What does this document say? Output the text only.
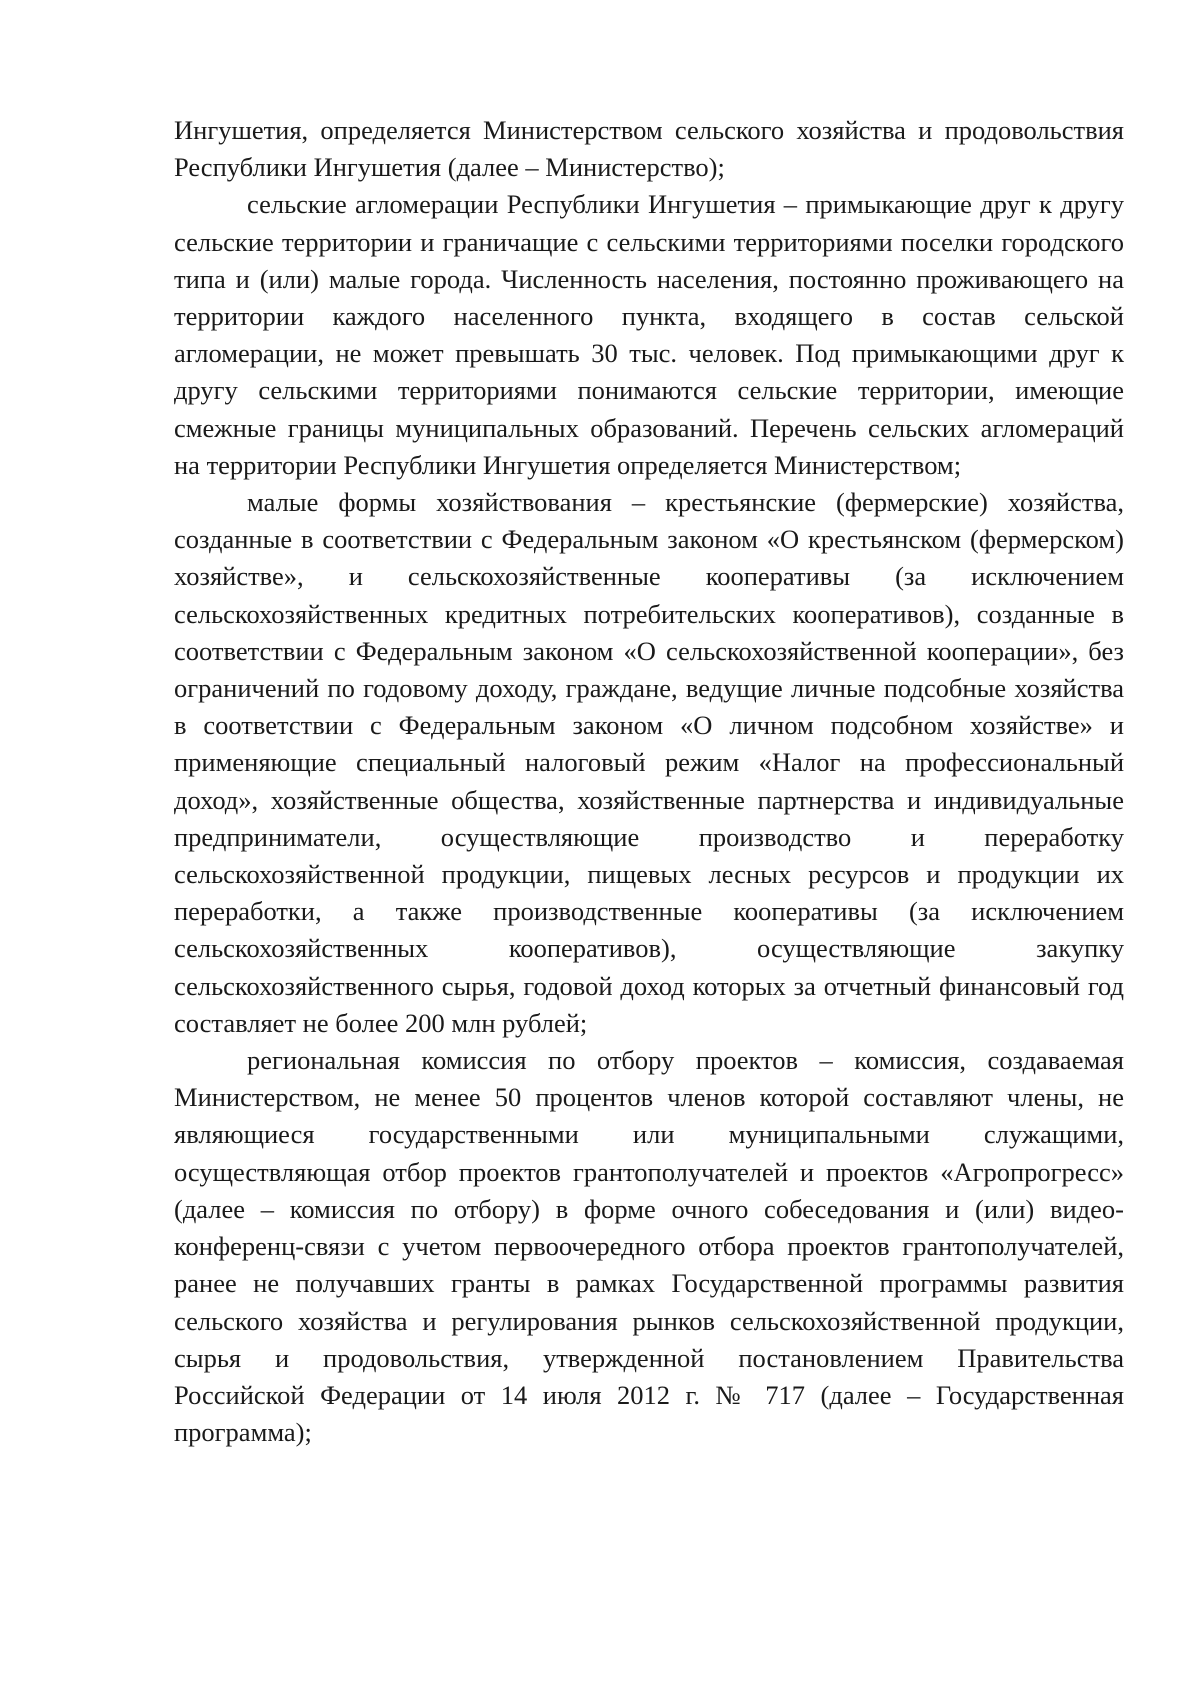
Ингушетия, определяется Министерством сельского хозяйства и продовольствия Республики Ингушетия (далее – Министерство);

сельские агломерации Республики Ингушетия – примыкающие друг к другу сельские территории и граничащие с сельскими территориями поселки городского типа и (или) малые города. Численность населения, постоянно проживающего на территории каждого населенного пункта, входящего в состав сельской агломерации, не может превышать 30 тыс. человек. Под примыкающими друг к другу сельскими территориями понимаются сельские территории, имеющие смежные границы муниципальных образований. Перечень сельских агломераций на территории Республики Ингушетия определяется Министерством;

малые формы хозяйствования – крестьянские (фермерские) хозяйства, созданные в соответствии с Федеральным законом «О крестьянском (фермерском) хозяйстве», и сельскохозяйственные кооперативы (за исключением сельскохозяйственных кредитных потребительских кооперативов), созданные в соответствии с Федеральным законом «О сельскохозяйственной кооперации», без ограничений по годовому доходу, граждане, ведущие личные подсобные хозяйства в соответствии с Федеральным законом «О личном подсобном хозяйстве» и применяющие специальный налоговый режим «Налог на профессиональный доход», хозяйственные общества, хозяйственные партнерства и индивидуальные предприниматели, осуществляющие производство и переработку сельскохозяйственной продукции, пищевых лесных ресурсов и продукции их переработки, а также производственные кооперативы (за исключением сельскохозяйственных кооперативов), осуществляющие закупку сельскохозяйственного сырья, годовой доход которых за отчетный финансовый год составляет не более 200 млн рублей;

региональная комиссия по отбору проектов – комиссия, создаваемая Министерством, не менее 50 процентов членов которой составляют члены, не являющиеся государственными или муниципальными служащими, осуществляющая отбор проектов грантополучателей и проектов «Агропрогресс» (далее – комиссия по отбору) в форме очного собеседования и (или) видео-конференц-связи с учетом первоочередного отбора проектов грантополучателей, ранее не получавших гранты в рамках Государственной программы развития сельского хозяйства и регулирования рынков сельскохозяйственной продукции, сырья и продовольствия, утвержденной постановлением Правительства Российской Федерации от 14 июля 2012 г. № 717 (далее – Государственная программа);
